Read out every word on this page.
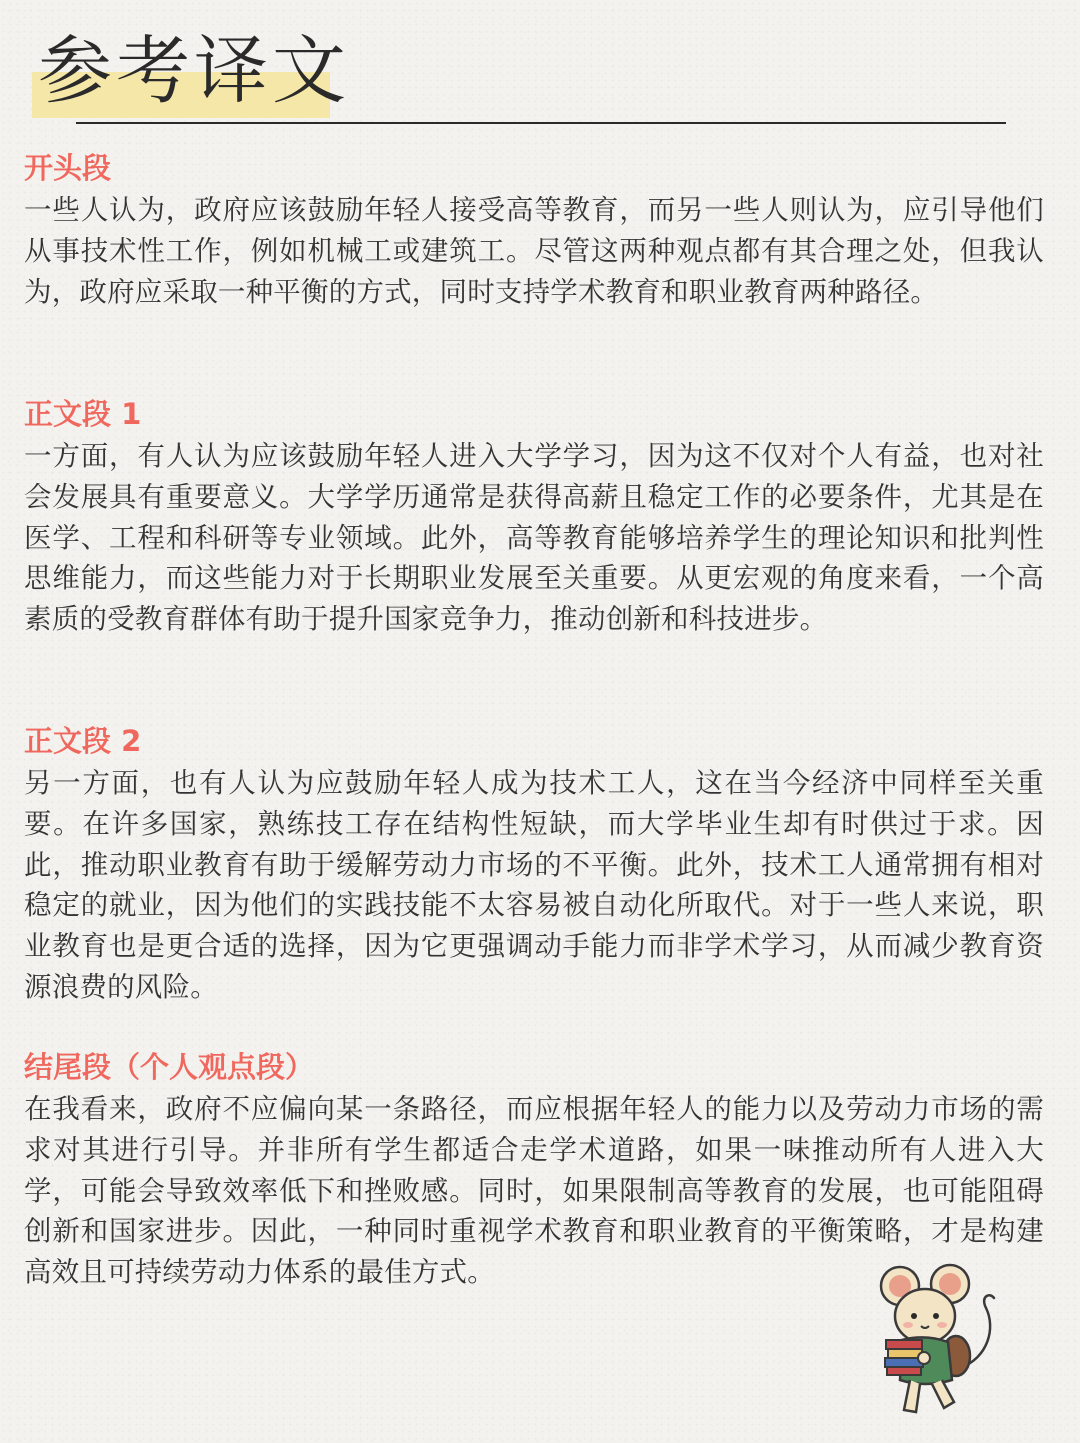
参考译文
开头段

一些人认为，政府应该鼓励年轻人接受高等教育，而另一些人则认为，应引导他们从事技术性工作，例如机械工或建筑工。尽管这两种观点都有其合理之处，但我认为，政府应采取一种平衡的方式，同时支持学术教育和职业教育两种路径。

正文段 1

一方面，有人认为应该鼓励年轻人进入大学学习，因为这不仅对个人有益，也对社会发展具有重要意义。大学学历通常是获得高薪且稳定工作的必要条件，尤其是在医学、工程和科研等专业领域。此外，高等教育能够培养学生的理论知识和批判性思维能力，而这些能力对于长期职业发展至关重要。从更宏观的角度来看，一个高素质的受教育群体有助于提升国家竞争力，推动创新和科技进步。

正文段 2

另一方面，也有人认为应鼓励年轻人成为技术工人，这在当今经济中同样至关重要。在许多国家，熟练技工存在结构性短缺，而大学毕业生却有时供过于求。因此，推动职业教育有助于缓解劳动力市场的不平衡。此外，技术工人通常拥有相对稳定的就业，因为他们的实践技能不太容易被自动化所取代。对于一些人来说，职业教育也是更合适的选择，因为它更强调动手能力而非学术学习，从而减少教育资源浪费的风险。

结尾段（个人观点段）

在我看来，政府不应偏向某一条路径，而应根据年轻人的能力以及劳动力市场的需求对其进行引导。并非所有学生都适合走学术道路，如果一味推动所有人进入大学，可能会导致效率低下和挫败感。同时，如果限制高等教育的发展，也可能阻碍创新和国家进步。因此，一种同时重视学术教育和职业教育的平衡策略，才是构建高效且可持续劳动力体系的最佳方式。
